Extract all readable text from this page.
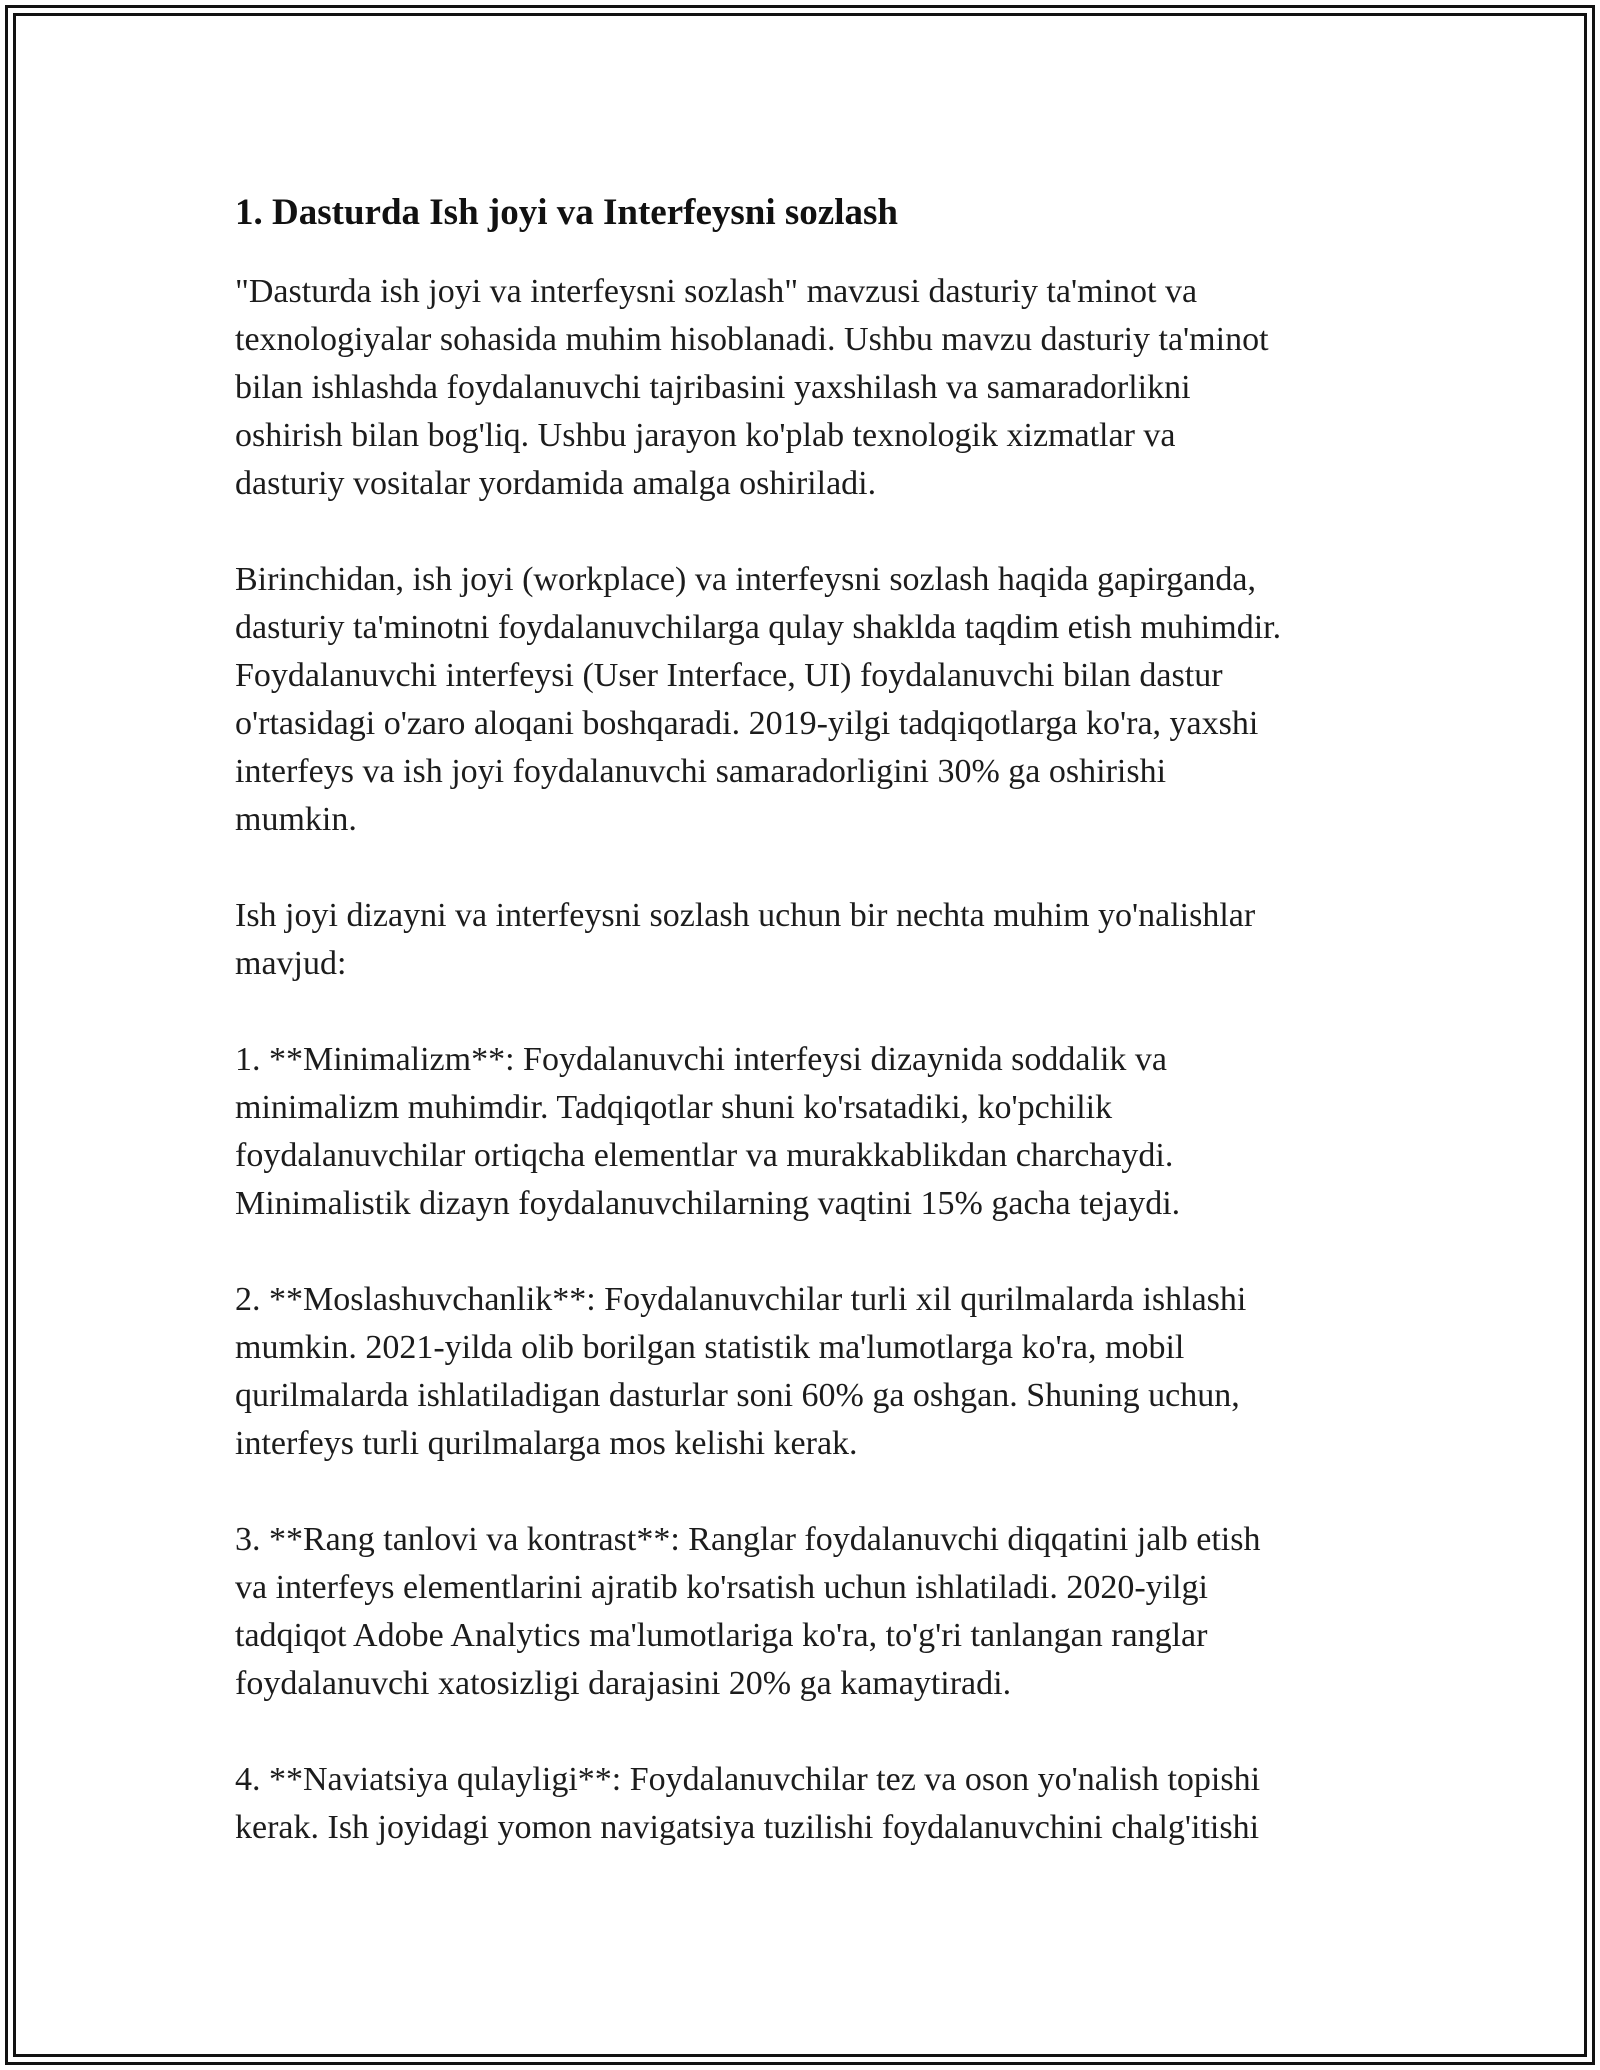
1. Dasturda Ish joyi va Interfeysni sozlash

"Dasturda ish joyi va interfeysni sozlash" mavzusi dasturiy ta'minot va
texnologiyalar sohasida muhim hisoblanadi. Ushbu mavzu dasturiy ta'minot
bilan ishlashda foydalanuvchi tajribasini yaxshilash va samaradorlikni
oshirish bilan bog'liq. Ushbu jarayon ko'plab texnologik xizmatlar va
dasturiy vositalar yordamida amalga oshiriladi.

Birinchidan, ish joyi (workplace) va interfeysni sozlash haqida gapirganda,
dasturiy ta'minotni foydalanuvchilarga qulay shaklda taqdim etish muhimdir.
Foydalanuvchi interfeysi (User Interface, UI) foydalanuvchi bilan dastur
o'rtasidagi o'zaro aloqani boshqaradi. 2019-yilgi tadqiqotlarga ko'ra, yaxshi
interfeys va ish joyi foydalanuvchi samaradorligini 30% ga oshirishi
mumkin.

Ish joyi dizayni va interfeysni sozlash uchun bir nechta muhim yo'nalishlar
mavjud:

1. **Minimalizm**: Foydalanuvchi interfeysi dizaynida soddalik va
minimalizm muhimdir. Tadqiqotlar shuni ko'rsatadiki, ko'pchilik
foydalanuvchilar ortiqcha elementlar va murakkablikdan charchaydi.
Minimalistik dizayn foydalanuvchilarning vaqtini 15% gacha tejaydi.

2. **Moslashuvchanlik**: Foydalanuvchilar turli xil qurilmalarda ishlashi
mumkin. 2021-yilda olib borilgan statistik ma'lumotlarga ko'ra, mobil
qurilmalarda ishlatiladigan dasturlar soni 60% ga oshgan. Shuning uchun,
interfeys turli qurilmalarga mos kelishi kerak.

3. **Rang tanlovi va kontrast**: Ranglar foydalanuvchi diqqatini jalb etish
va interfeys elementlarini ajratib ko'rsatish uchun ishlatiladi. 2020-yilgi
tadqiqot Adobe Analytics ma'lumotlariga ko'ra, to'g'ri tanlangan ranglar
foydalanuvchi xatosizligi darajasini 20% ga kamaytiradi.

4. **Naviatsiya qulayligi**: Foydalanuvchilar tez va oson yo'nalish topishi
kerak. Ish joyidagi yomon navigatsiya tuzilishi foydalanuvchini chalg'itishi
